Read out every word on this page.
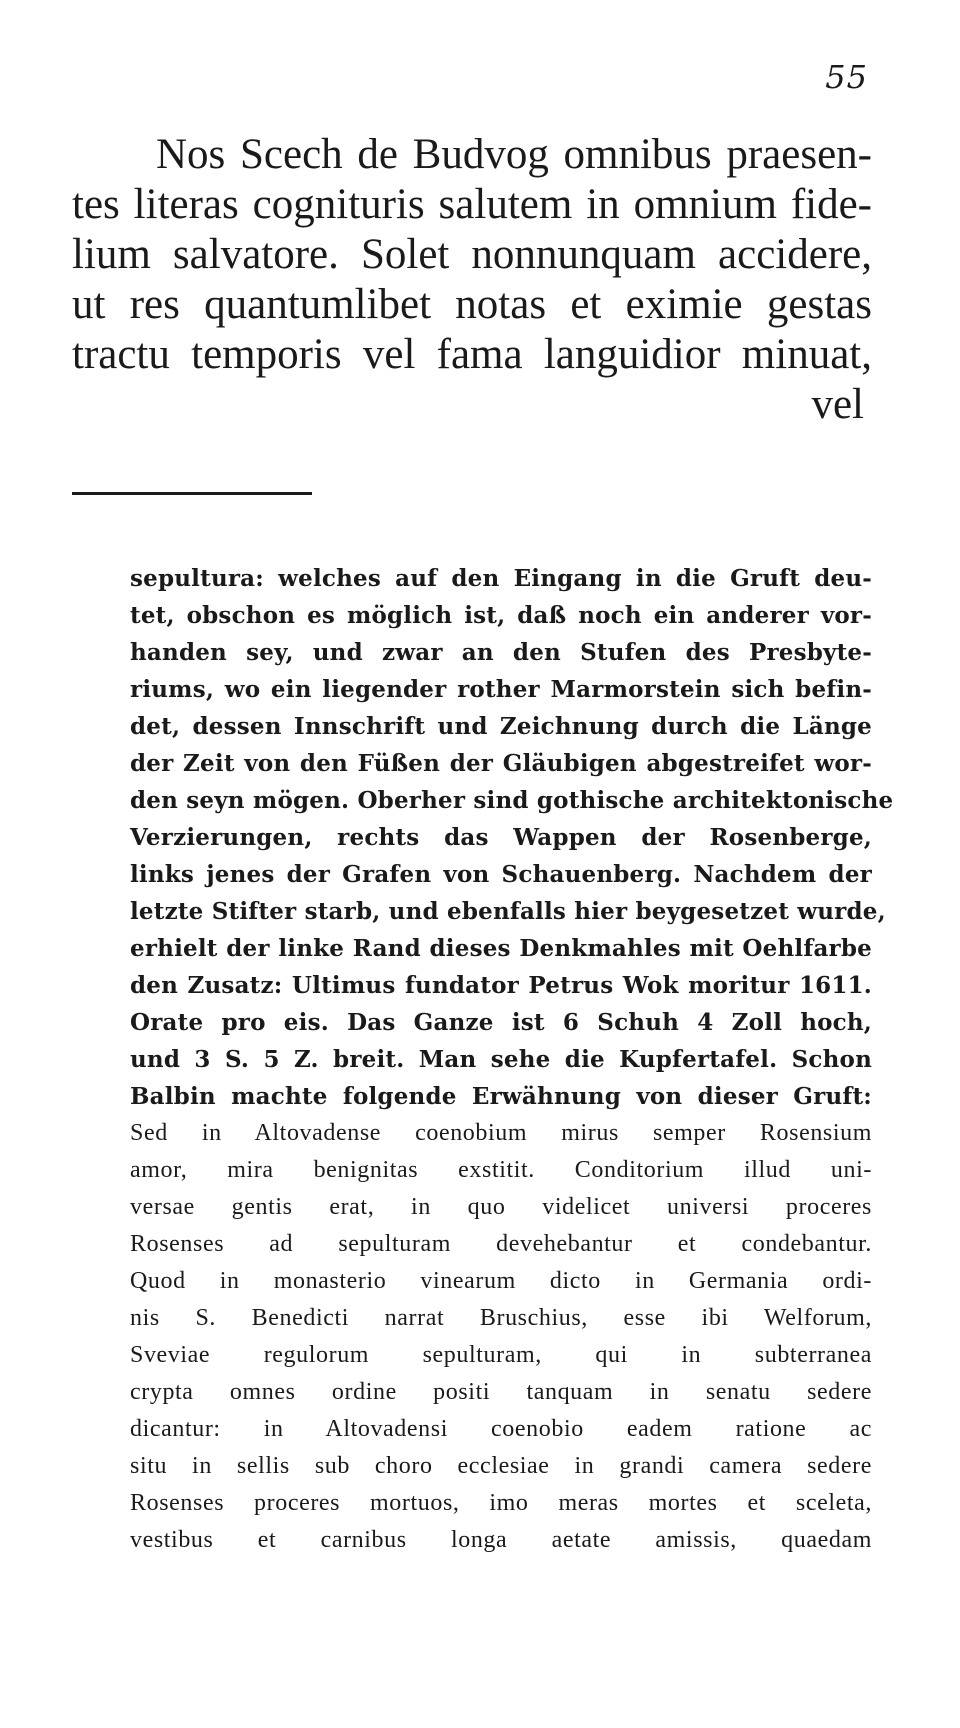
55
Nos Scech de Budvog omnibus praesen-
tes literas cognituris salutem in omnium fide-
lium salvatore. Solet nonnunquam accidere,
ut res quantumlibet notas et eximie gestas
tractu temporis vel fama languidior minuat,
vel
sepultura: welches auf den Eingang in die Gruft deu-
tet, obschon es möglich ist, daß noch ein anderer vor-
handen sey, und zwar an den Stufen des Presbyte-
riums, wo ein liegender rother Marmorstein sich befin-
det, dessen Innschrift und Zeichnung durch die Länge
der Zeit von den Füßen der Gläubigen abgestreifet wor-
den seyn mögen. Oberher sind gothische architektonische
Verzierungen, rechts das Wappen der Rosenberge,
links jenes der Grafen von Schauenberg. Nachdem der
letzte Stifter starb, und ebenfalls hier beygesetzet wurde,
erhielt der linke Rand dieses Denkmahles mit Oehlfarbe
den Zusatz: Ultimus fundator Petrus Wok moritur 1611.
Orate pro eis. Das Ganze ist 6 Schuh 4 Zoll hoch,
und 3 S. 5 Z. breit. Man sehe die Kupfertafel. Schon
Balbin machte folgende Erwähnung von dieser Gruft:
Sed in Altovadense coenobium mirus semper Rosensium
amor, mira benignitas exstitit. Conditorium illud uni-
versae gentis erat, in quo videlicet universi proceres
Rosenses ad sepulturam devehebantur et condebantur.
Quod in monasterio vinearum dicto in Germania ordi-
nis S. Benedicti narrat Bruschius, esse ibi Welforum,
Sveviae regulorum sepulturam, qui in subterranea
crypta omnes ordine positi tanquam in senatu sedere
dicantur: in Altovadensi coenobio eadem ratione ac
situ in sellis sub choro ecclesiae in grandi camera sedere
Rosenses proceres mortuos, imo meras mortes et sceleta,
vestibus et carnibus longa aetate amissis, quaedam
